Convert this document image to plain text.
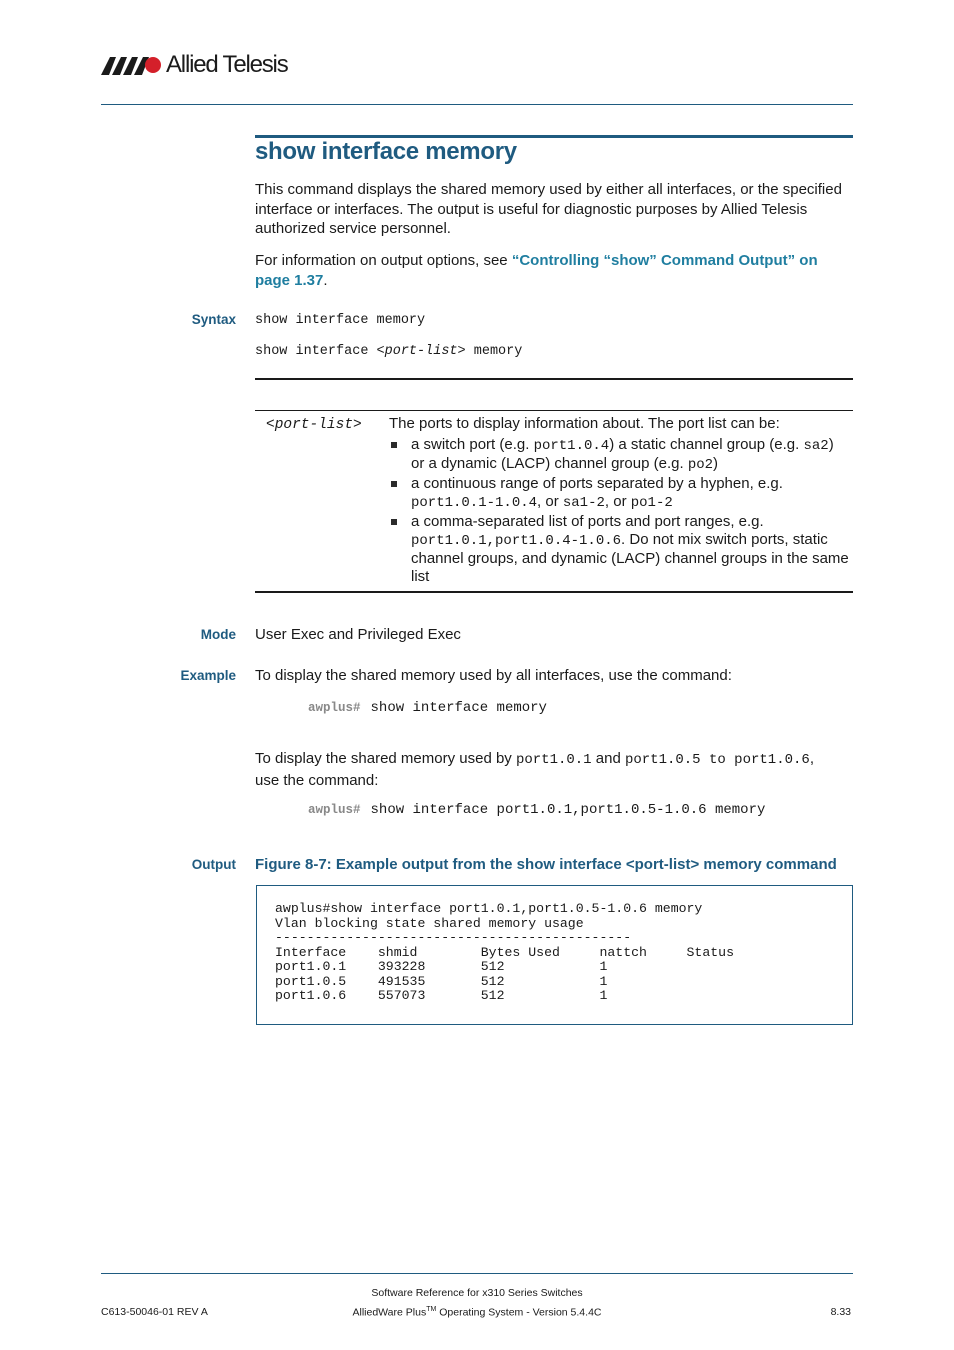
Allied Telesis
show interface memory
This command displays the shared memory used by either all interfaces, or the specified interface or interfaces. The output is useful for diagnostic purposes by Allied Telesis authorized service personnel.
For information on output options, see “Controlling “show” Command Output” on page 1.37.
Syntax show interface memory
show interface <port-list> memory
<port-list> The ports to display information about. The port list can be:
a switch port (e.g. port1.0.4) a static channel group (e.g. sa2) or a dynamic (LACP) channel group (e.g. po2)
a continuous range of ports separated by a hyphen, e.g. port1.0.1-1.0.4, or sa1-2, or po1-2
a comma-separated list of ports and port ranges, e.g. port1.0.1,port1.0.4-1.0.6. Do not mix switch ports, static channel groups, and dynamic (LACP) channel groups in the same list
Mode User Exec and Privileged Exec
Example To display the shared memory used by all interfaces, use the command:
awplus# show interface memory
To display the shared memory used by port1.0.1 and port1.0.5 to port1.0.6,
use the command:
awplus# show interface port1.0.1,port1.0.5-1.0.6 memory
Output Figure 8-7: Example output from the show interface <port-list> memory command
awplus#show interface port1.0.1,port1.0.5-1.0.6 memory
Vlan blocking state shared memory usage
---------------------------------------------
Interface    shmid        Bytes Used     nattch     Status
port1.0.1    393228       512            1
port1.0.5    491535       512            1
port1.0.6    557073       512            1
C613-50046-01 REV A
Software Reference for x310 Series Switches
AlliedWare Plus™ Operating System - Version 5.4.4C	8.33
